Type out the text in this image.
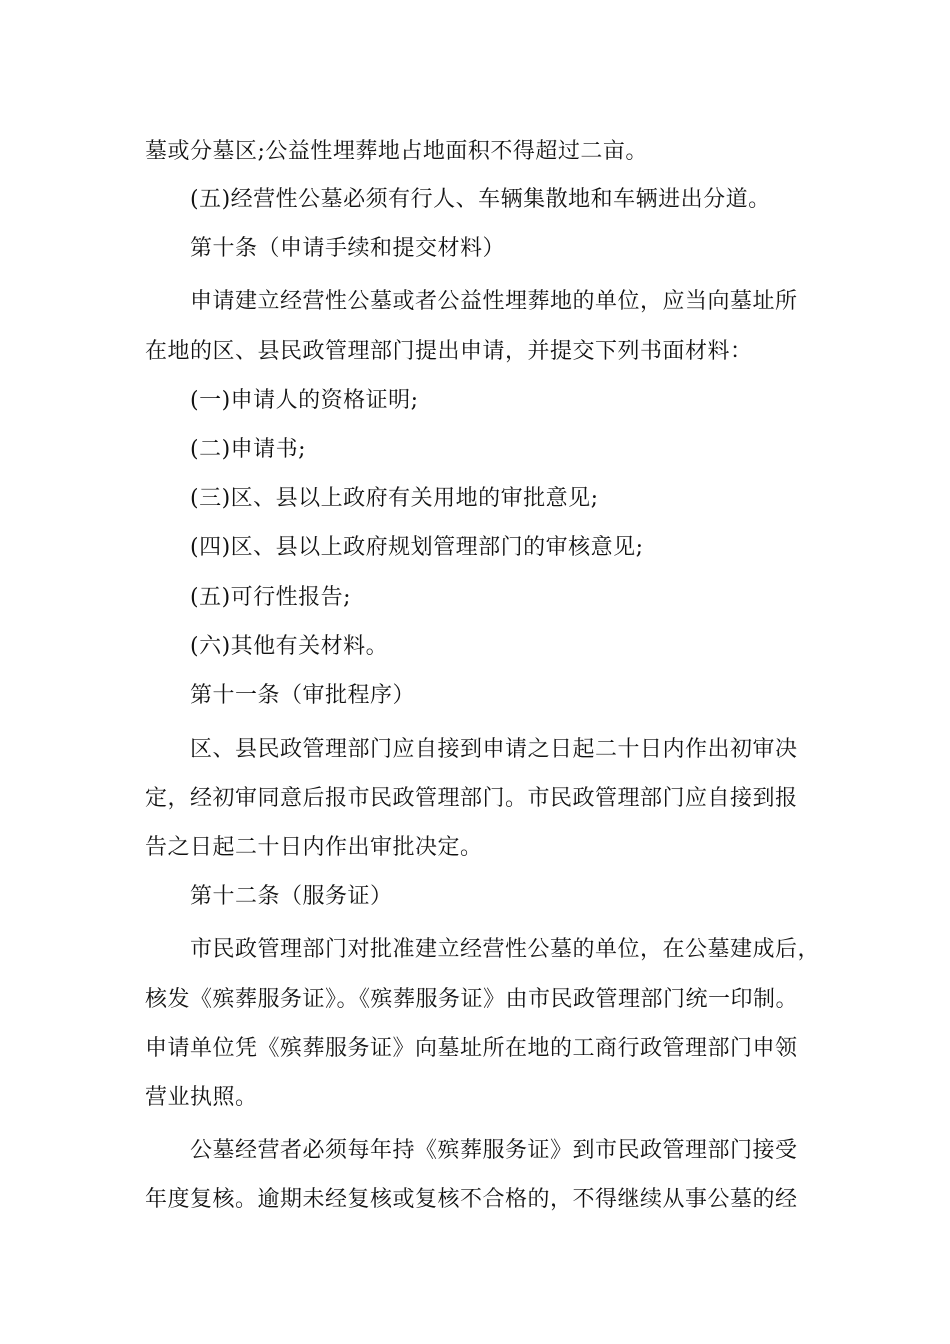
墓或分墓区;公益性埋葬地占地面积不得超过二亩。
(五)经营性公墓必须有行人、车辆集散地和车辆进出分道。
第十条（申请手续和提交材料）
申请建立经营性公墓或者公益性埋葬地的单位，应当向墓址所
在地的区、县民政管理部门提出申请，并提交下列书面材料：
(一)申请人的资格证明;
(二)申请书;
(三)区、县以上政府有关用地的审批意见;
(四)区、县以上政府规划管理部门的审核意见;
(五)可行性报告;
(六)其他有关材料。
第十一条（审批程序）
区、县民政管理部门应自接到申请之日起二十日内作出初审决
定，经初审同意后报市民政管理部门。市民政管理部门应自接到报
告之日起二十日内作出审批决定。
第十二条（服务证）
市民政管理部门对批准建立经营性公墓的单位，在公墓建成后，
核发《殡葬服务证》。《殡葬服务证》由市民政管理部门统一印制。
申请单位凭《殡葬服务证》向墓址所在地的工商行政管理部门申领
营业执照。
公墓经营者必须每年持《殡葬服务证》到市民政管理部门接受
年度复核。逾期未经复核或复核不合格的，不得继续从事公墓的经
